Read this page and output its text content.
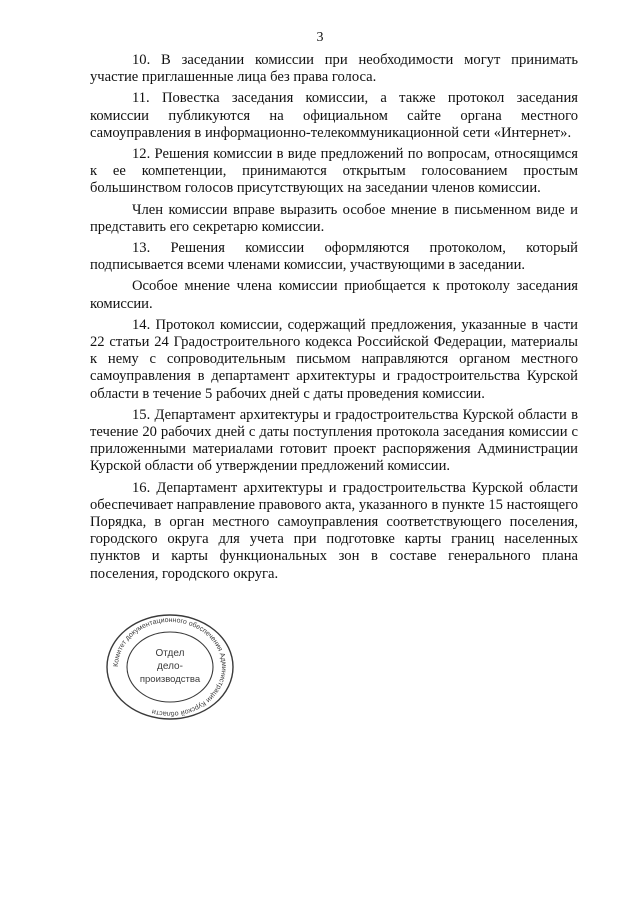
3

10. В заседании комиссии при необходимости могут принимать участие приглашенные лица без права голоса.

11. Повестка заседания комиссии, а также протокол заседания комиссии публикуются на официальном сайте органа местного самоуправления в информационно-телекоммуникационной сети «Интернет».

12. Решения комиссии в виде предложений по вопросам, относящимся к ее компетенции, принимаются открытым голосованием простым большинством голосов присутствующих на заседании членов комиссии.

Член комиссии вправе выразить особое мнение в письменном виде и представить его секретарю комиссии.

13. Решения комиссии оформляются протоколом, который подписывается всеми членами комиссии, участвующими в заседании.

Особое мнение члена комиссии приобщается к протоколу заседания комиссии.

14. Протокол комиссии, содержащий предложения, указанные в части 22 статьи 24 Градостроительного кодекса Российской Федерации, материалы к нему с сопроводительным письмом направляются органом местного самоуправления в департамент архитектуры и градостроительства Курской области в течение 5 рабочих дней с даты проведения комиссии.

15. Департамент архитектуры и градостроительства Курской области в течение 20 рабочих дней с даты поступления протокола заседания комиссии с приложенными материалами готовит проект распоряжения Администрации Курской области об утверждении предложений комиссии.

16. Департамент архитектуры и градостроительства Курской области обеспечивает направление правового акта, указанного в пункте 15 настоящего Порядка, в орган местного самоуправления соответствующего поселения, городского округа для учета при подготовке карты границ населенных пунктов и карты функциональных зон в составе генерального плана поселения, городского округа.

Комитет документационного обеспечения Администрации Курской области
Отдел
дело-
производства
